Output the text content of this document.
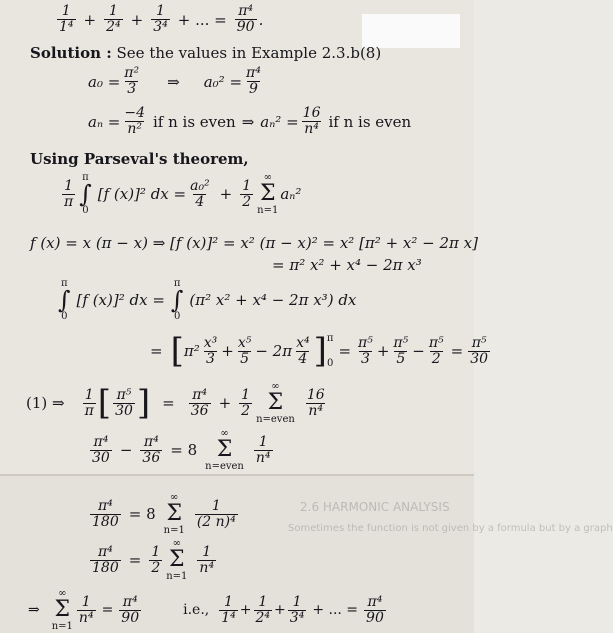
2.6 HARMONIC ANALYSIS
Sometimes the function is not given by a formula but by a graph
$\frac{1}{\text{1⁴}} + \frac{1}{\text{2⁴}} + \frac{1}{\text{3⁴}}$ + ... = $\frac{\text{π⁴}}{90}$ .
Solution : See the values in Example 2.3.b(8)
$a_0 = \frac{\text{π²}}{3}$ ⇒ $a_0^2 = \frac{\text{π⁴}}{9}$
$a_n = \frac{-4}{\text{n²}}$ if n is even ⇒ $a_n^2 = \frac{16}{\text{n⁴}}$ if n is even
Using Parseval's theorem,
$\frac{1}{\pi}$
π
∫
0
[f (x)]² dx = $\frac{\text{a₀²}}{4} + \frac{1}{2}$
∞
Σ
n=1
aₙ²
f (x) = x (π − x) ⇒ [f (x)]² = x² (π − x)² = x² [π² + x² − 2π x]
= π² x² + x⁴ − 2π x³
π
∫
0
[f (x)]² dx =
π
∫
0
(π² x² + x⁴ − 2π x³) dx
= [ $\pi^2 \frac{\text{x³}}{3} + \frac{\text{x⁵}}{5} - 2\pi \frac{\text{x⁴}}{4}$ ] π
0
= $\frac{\text{π⁵}}{3} + \frac{\text{π⁵}}{5} - \frac{\text{π⁵}}{2} = \frac{\text{π⁵}}{30}$
(1) ⇒ $\frac{1}{\pi}$ [ $\frac{\text{π⁵}}{30}$ ] = $\frac{\text{π⁴}}{36} + \frac{1}{2}$
∞
Σ
n=even
$\frac{16}{\text{n⁴}}$
$\frac{\text{π⁴}}{30} - \frac{\text{π⁴}}{36} = 8$
∞
Σ
n=even
$\frac{1}{\text{n⁴}}$
$\frac{\text{π⁴}}{180} = 8$
∞
Σ
n=1
$\frac{1}{\text{(2 n)⁴}}$
$\frac{\text{π⁴}}{180} = \frac{1}{2}$
∞
Σ
n=1
$\frac{1}{\text{n⁴}}$
⇒
∞
Σ
n=1
$\frac{1}{\text{n⁴}} = \frac{\text{π⁴}}{90}$	i.e., $\frac{1}{\text{1⁴}} + \frac{1}{\text{2⁴}} + \frac{1}{\text{3⁴}}$ + ... = $\frac{\text{π⁴}}{90}$
